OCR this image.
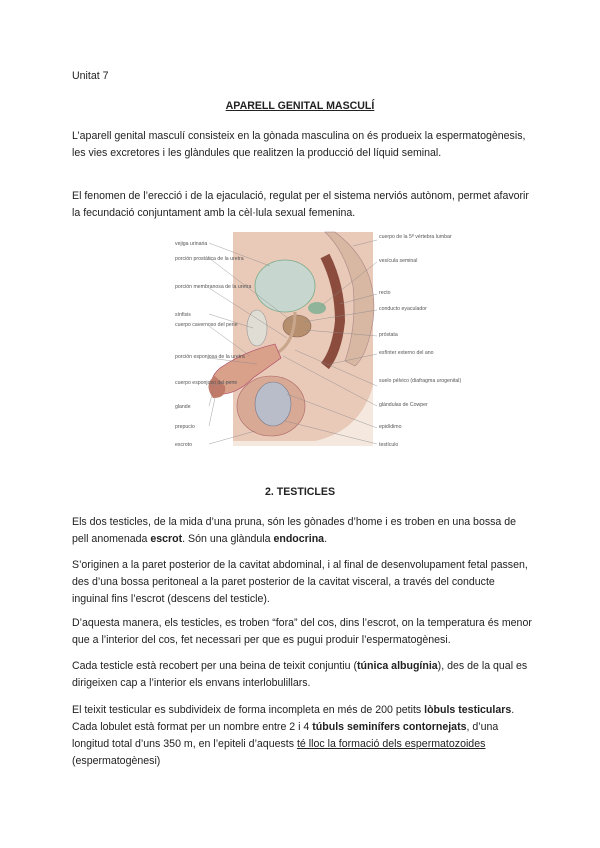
Unitat 7
APARELL GENITAL MASCULÍ

L’aparell genital masculí consisteix en la gònada masculina on és produeix la espermatogènesis, les vies excretores i les glàndules que realitzen la producció del líquid seminal.

El fenomen de l’erecció i de la ejaculació, regulat per el sistema nerviós autònom, permet afavorir la fecundació conjuntament amb la cèl·lula sexual femenina.

vejiga urinaria
porción prostática de la uretra
porción membranosa de la uretra
sínfisis
cuerpo cavernoso del pene
porción esponjosa de la uretra
cuerpo esponjoso del pene
glande
prepucio
escroto
cuerpo de la 5ª vértebra lumbar
vesícula seminal
recto
conducto eyaculador
próstata
esfínter externo del ano
suelo pélvico (diafragma urogenital)
glándulas de Cowper
epidídimo
testículo
2. TESTICLES

Els dos testicles, de la mida d’una pruna, són les gònades d’home i es troben en una bossa de pell anomenada escrot. Són una glàndula endocrina.

S’originen a la paret posterior de la cavitat abdominal, i al final de desenvolupament fetal passen, des d’una bossa peritoneal a la paret posterior de la cavitat visceral, a través del conducte inguinal fins l’escrot (descens del testicle).

D’aquesta manera, els testicles, es troben “fora” del cos, dins l’escrot, on la temperatura és menor que a l’interior del cos, fet necessari per que es pugui produir l’espermatogènesi.

Cada testicle està recobert per una beina de teixit conjuntiu (túnica albugínia), des de la qual es dirigeixen cap a l’interior els envans interlobulillars.

El teixit testicular es subdivideix de forma incompleta en més de 200 petits lòbuls testiculars. Cada lobulet està format per un nombre entre 2 i 4 túbuls seminífers contornejats, d’una longitud total d’uns 350 m, en l’epiteli d’aquests té lloc la formació dels espermatozoides (espermatogènesi)
